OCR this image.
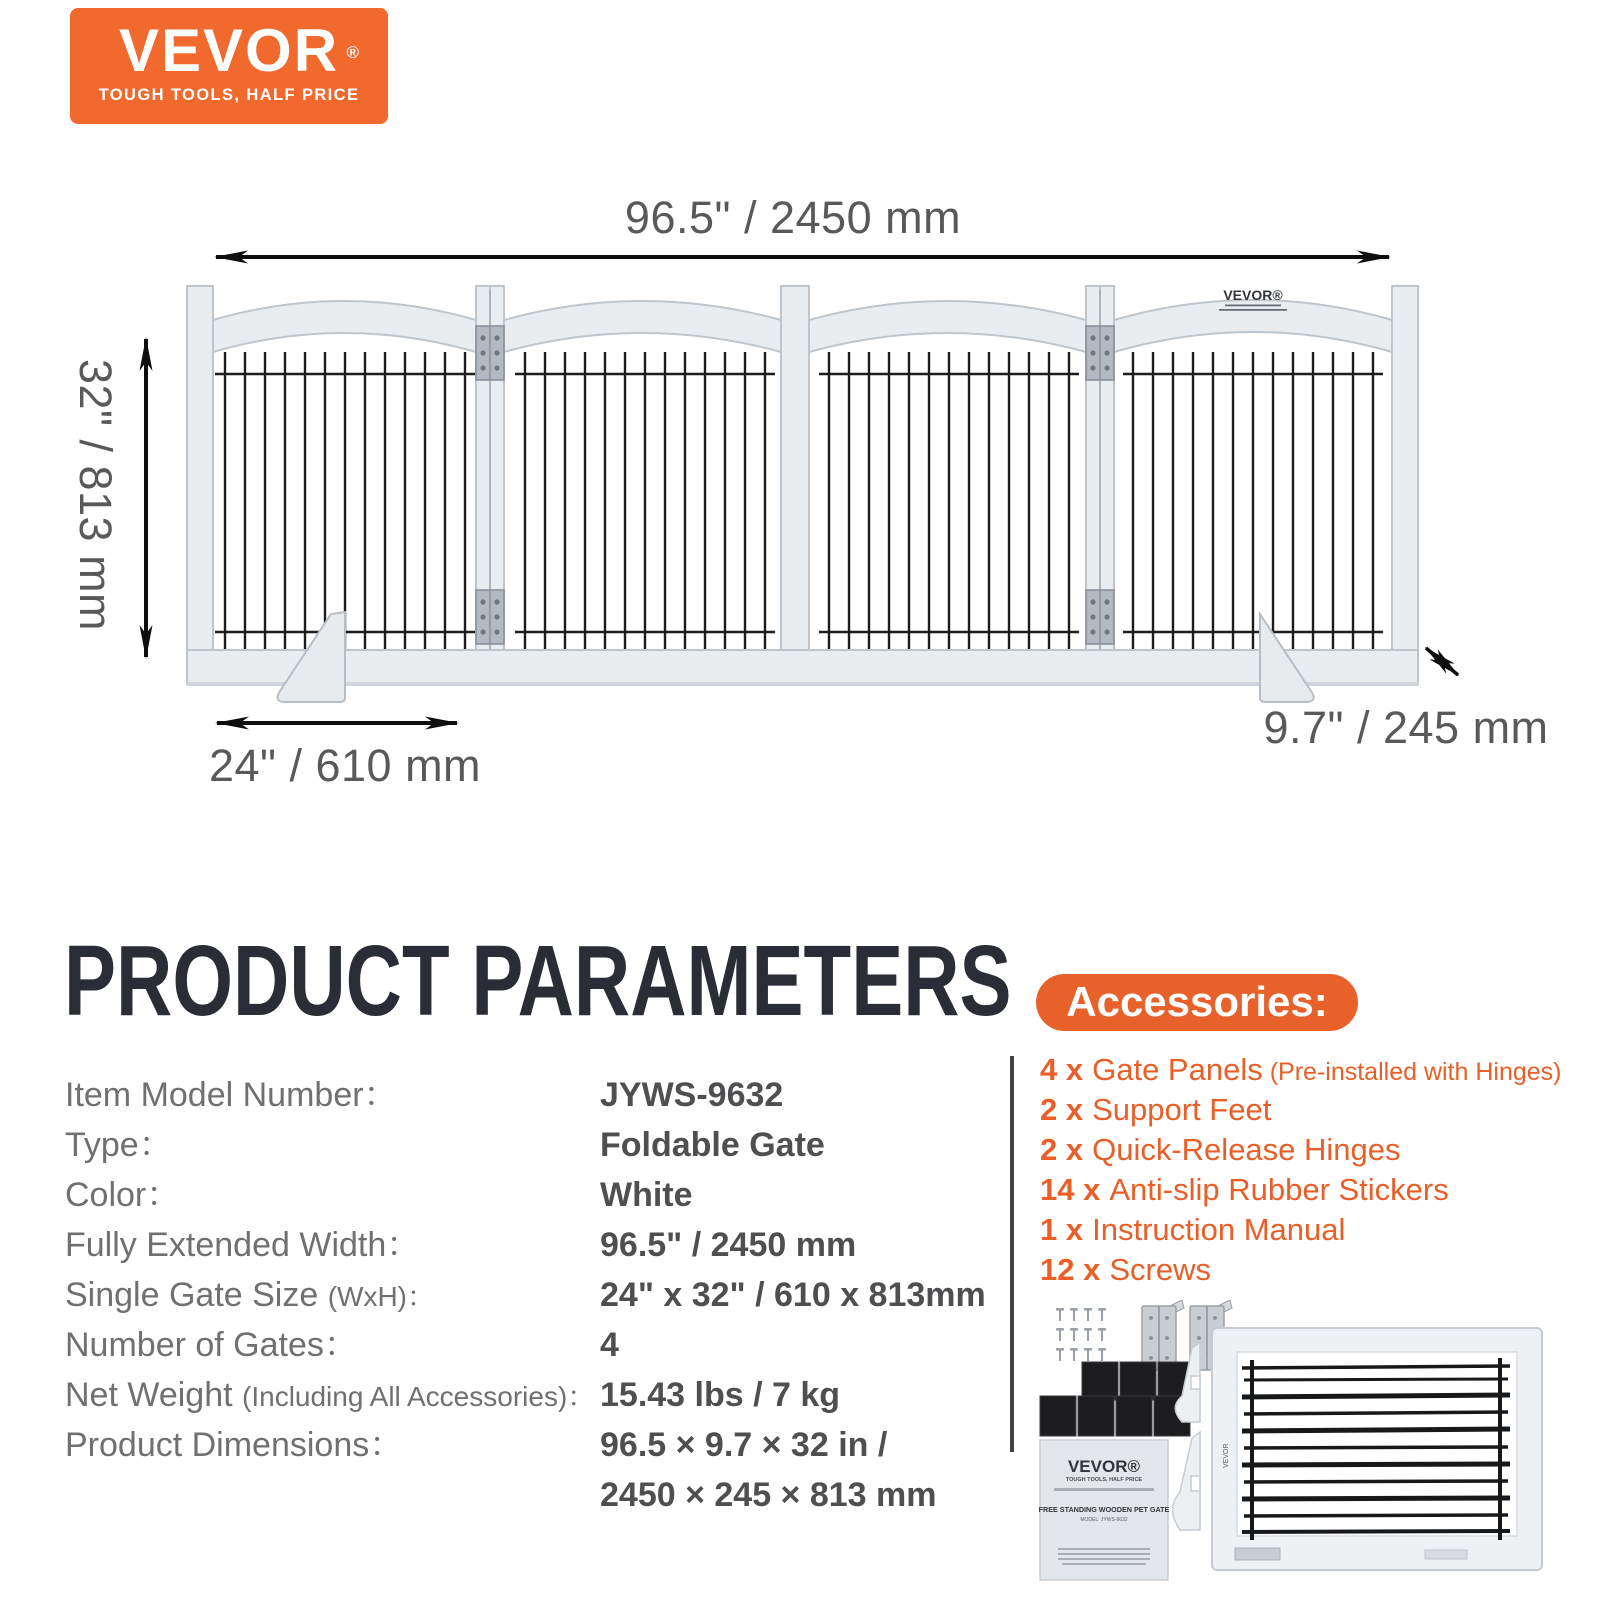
VEVOR ®
TOUGH TOOLS, HALF PRICE
96.5" / 2450 mm
32" / 813 mm
24" / 610 mm
9.7" / 245 mm
VEVOR®
PRODUCT PARAMETERS
Item Model Number：	JYWS-9632
Type：	Foldable Gate
Color：	White
Fully Extended Width：	96.5" / 2450 mm
Single Gate Size (WxH)：	24" x 32" / 610 x 813mm
Number of Gates：	4
Net Weight (Including All Accessories)： 15.43 lbs / 7 kg
Product Dimensions：	96.5 × 9.7 × 32 in /
2450 × 245 × 813 mm
Accessories:
4 x Gate Panels (Pre-installed with Hinges)
2 x Support Feet
2 x Quick-Release Hinges
14 x Anti-slip Rubber Stickers
1 x Instruction Manual
12 x Screws
VEVOR®
TOUGH TOOLS, HALF PRICE
FREE STANDING WOODEN PET GATE
MODEL: JYWS-9632
VEVOR
